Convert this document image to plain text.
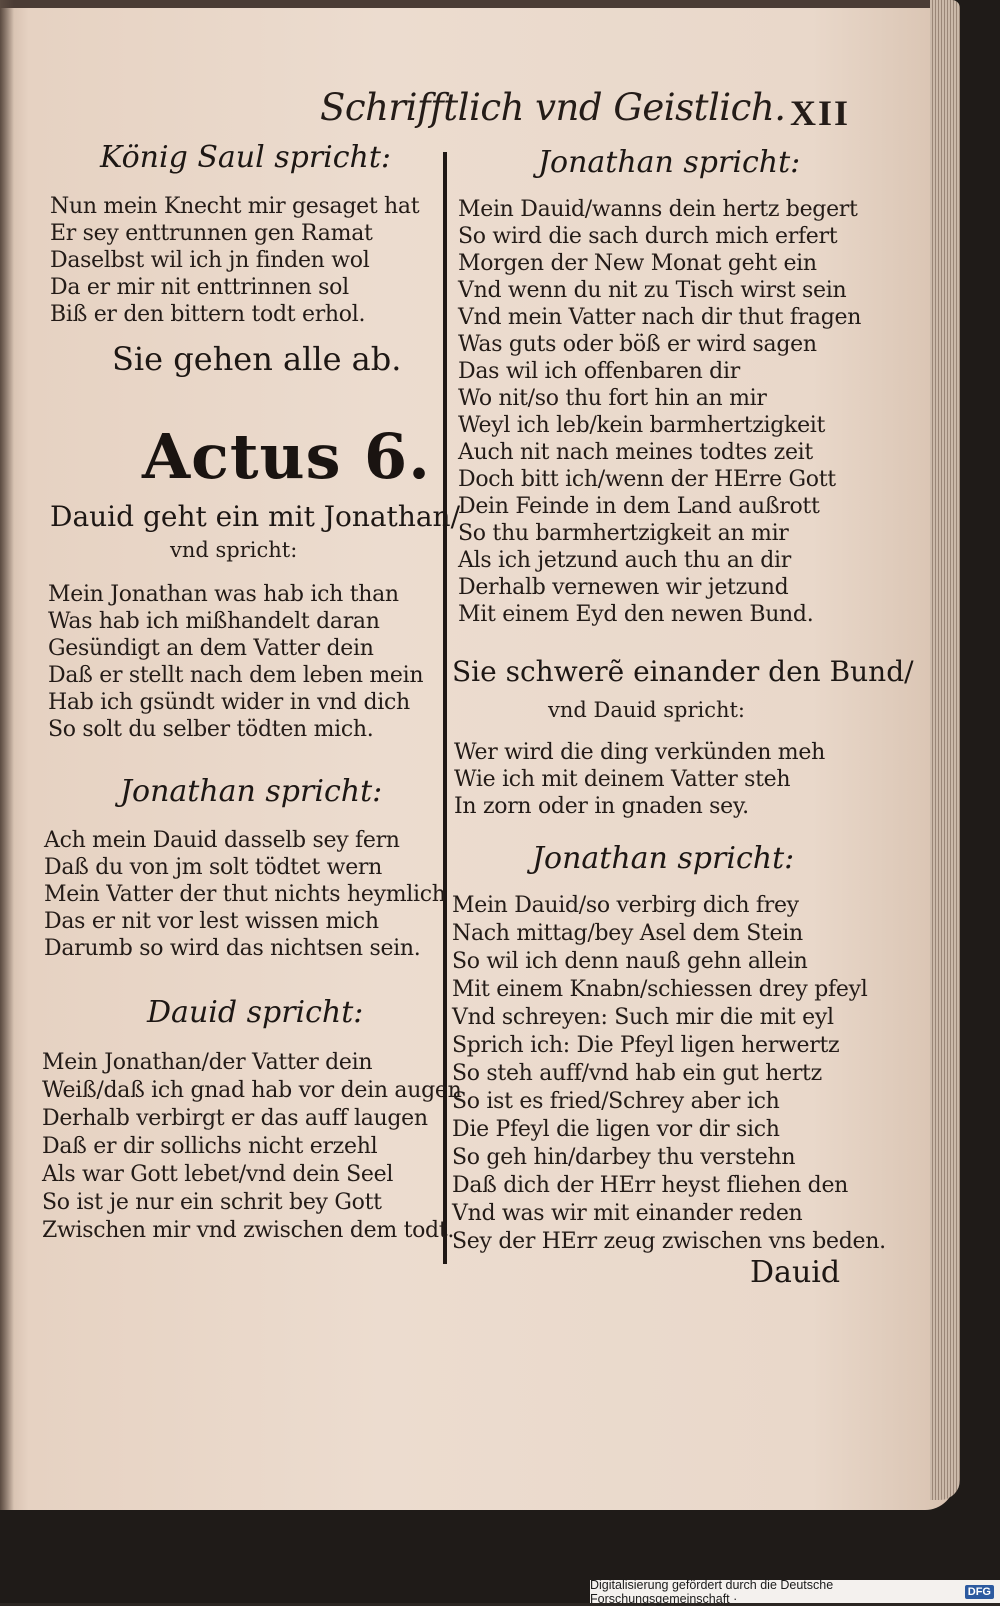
Schrifftlich vnd Geistlich. XII
König Saul spricht:
Nun mein Knecht mir gesaget hat
Er sey enttrunnen gen Ramat
Daselbst wil ich jn finden wol
Da er mir nit enttrinnen sol
Biß er den bittern todt erhol.
Sie gehen alle ab.
Actus 6.
Dauid geht ein mit Jonathan/
vnd spricht:
Mein Jonathan was hab ich than
Was hab ich mißhandelt daran
Gesündigt an dem Vatter dein
Daß er stellt nach dem leben mein
Hab ich gsündt wider in vnd dich
So solt du selber tödten mich.
Jonathan spricht:
Ach mein Dauid dasselb sey fern
Daß du von jm solt tödtet wern
Mein Vatter der thut nichts heymlich
Das er nit vor lest wissen mich
Darumb so wird das nichtsen sein.
Dauid spricht:
Mein Jonathan/der Vatter dein
Weiß/daß ich gnad hab vor dein augen
Derhalb verbirgt er das auff laugen
Daß er dir sollichs nicht erzehl
Als war Gott lebet/vnd dein Seel
So ist je nur ein schrit bey Gott
Zwischen mir vnd zwischen dem todt.
Jonathan spricht:
Mein Dauid/wanns dein hertz begert
So wird die sach durch mich erfert
Morgen der New Monat geht ein
Vnd wenn du nit zu Tisch wirst sein
Vnd mein Vatter nach dir thut fragen
Was guts oder böß er wird sagen
Das wil ich offenbaren dir
Wo nit/so thu fort hin an mir
Weyl ich leb/kein barmhertzigkeit
Auch nit nach meines todtes zeit
Doch bitt ich/wenn der HErre Gott
Dein Feinde in dem Land außrott
So thu barmhertzigkeit an mir
Als ich jetzund auch thu an dir
Derhalb vernewen wir jetzund
Mit einem Eyd den newen Bund.
Sie schwerẽ einander den Bund/
vnd Dauid spricht:
Wer wird die ding verkünden meh
Wie ich mit deinem Vatter steh
In zorn oder in gnaden sey.
Jonathan spricht:
Mein Dauid/so verbirg dich frey
Nach mittag/bey Asel dem Stein
So wil ich denn nauß gehn allein
Mit einem Knabn/schiessen drey pfeyl
Vnd schreyen: Such mir die mit eyl
Sprich ich: Die Pfeyl ligen herwertz
So steh auff/vnd hab ein gut hertz
So ist es fried/Schrey aber ich
Die Pfeyl die ligen vor dir sich
So geh hin/darbey thu verstehn
Daß dich der HErr heyst fliehen den
Vnd was wir mit einander reden
Sey der HErr zeug zwischen vns beden.
Dauid
Digitalisierung gefördert durch die Deutsche Forschungsgemeinschaft ·	DFG
